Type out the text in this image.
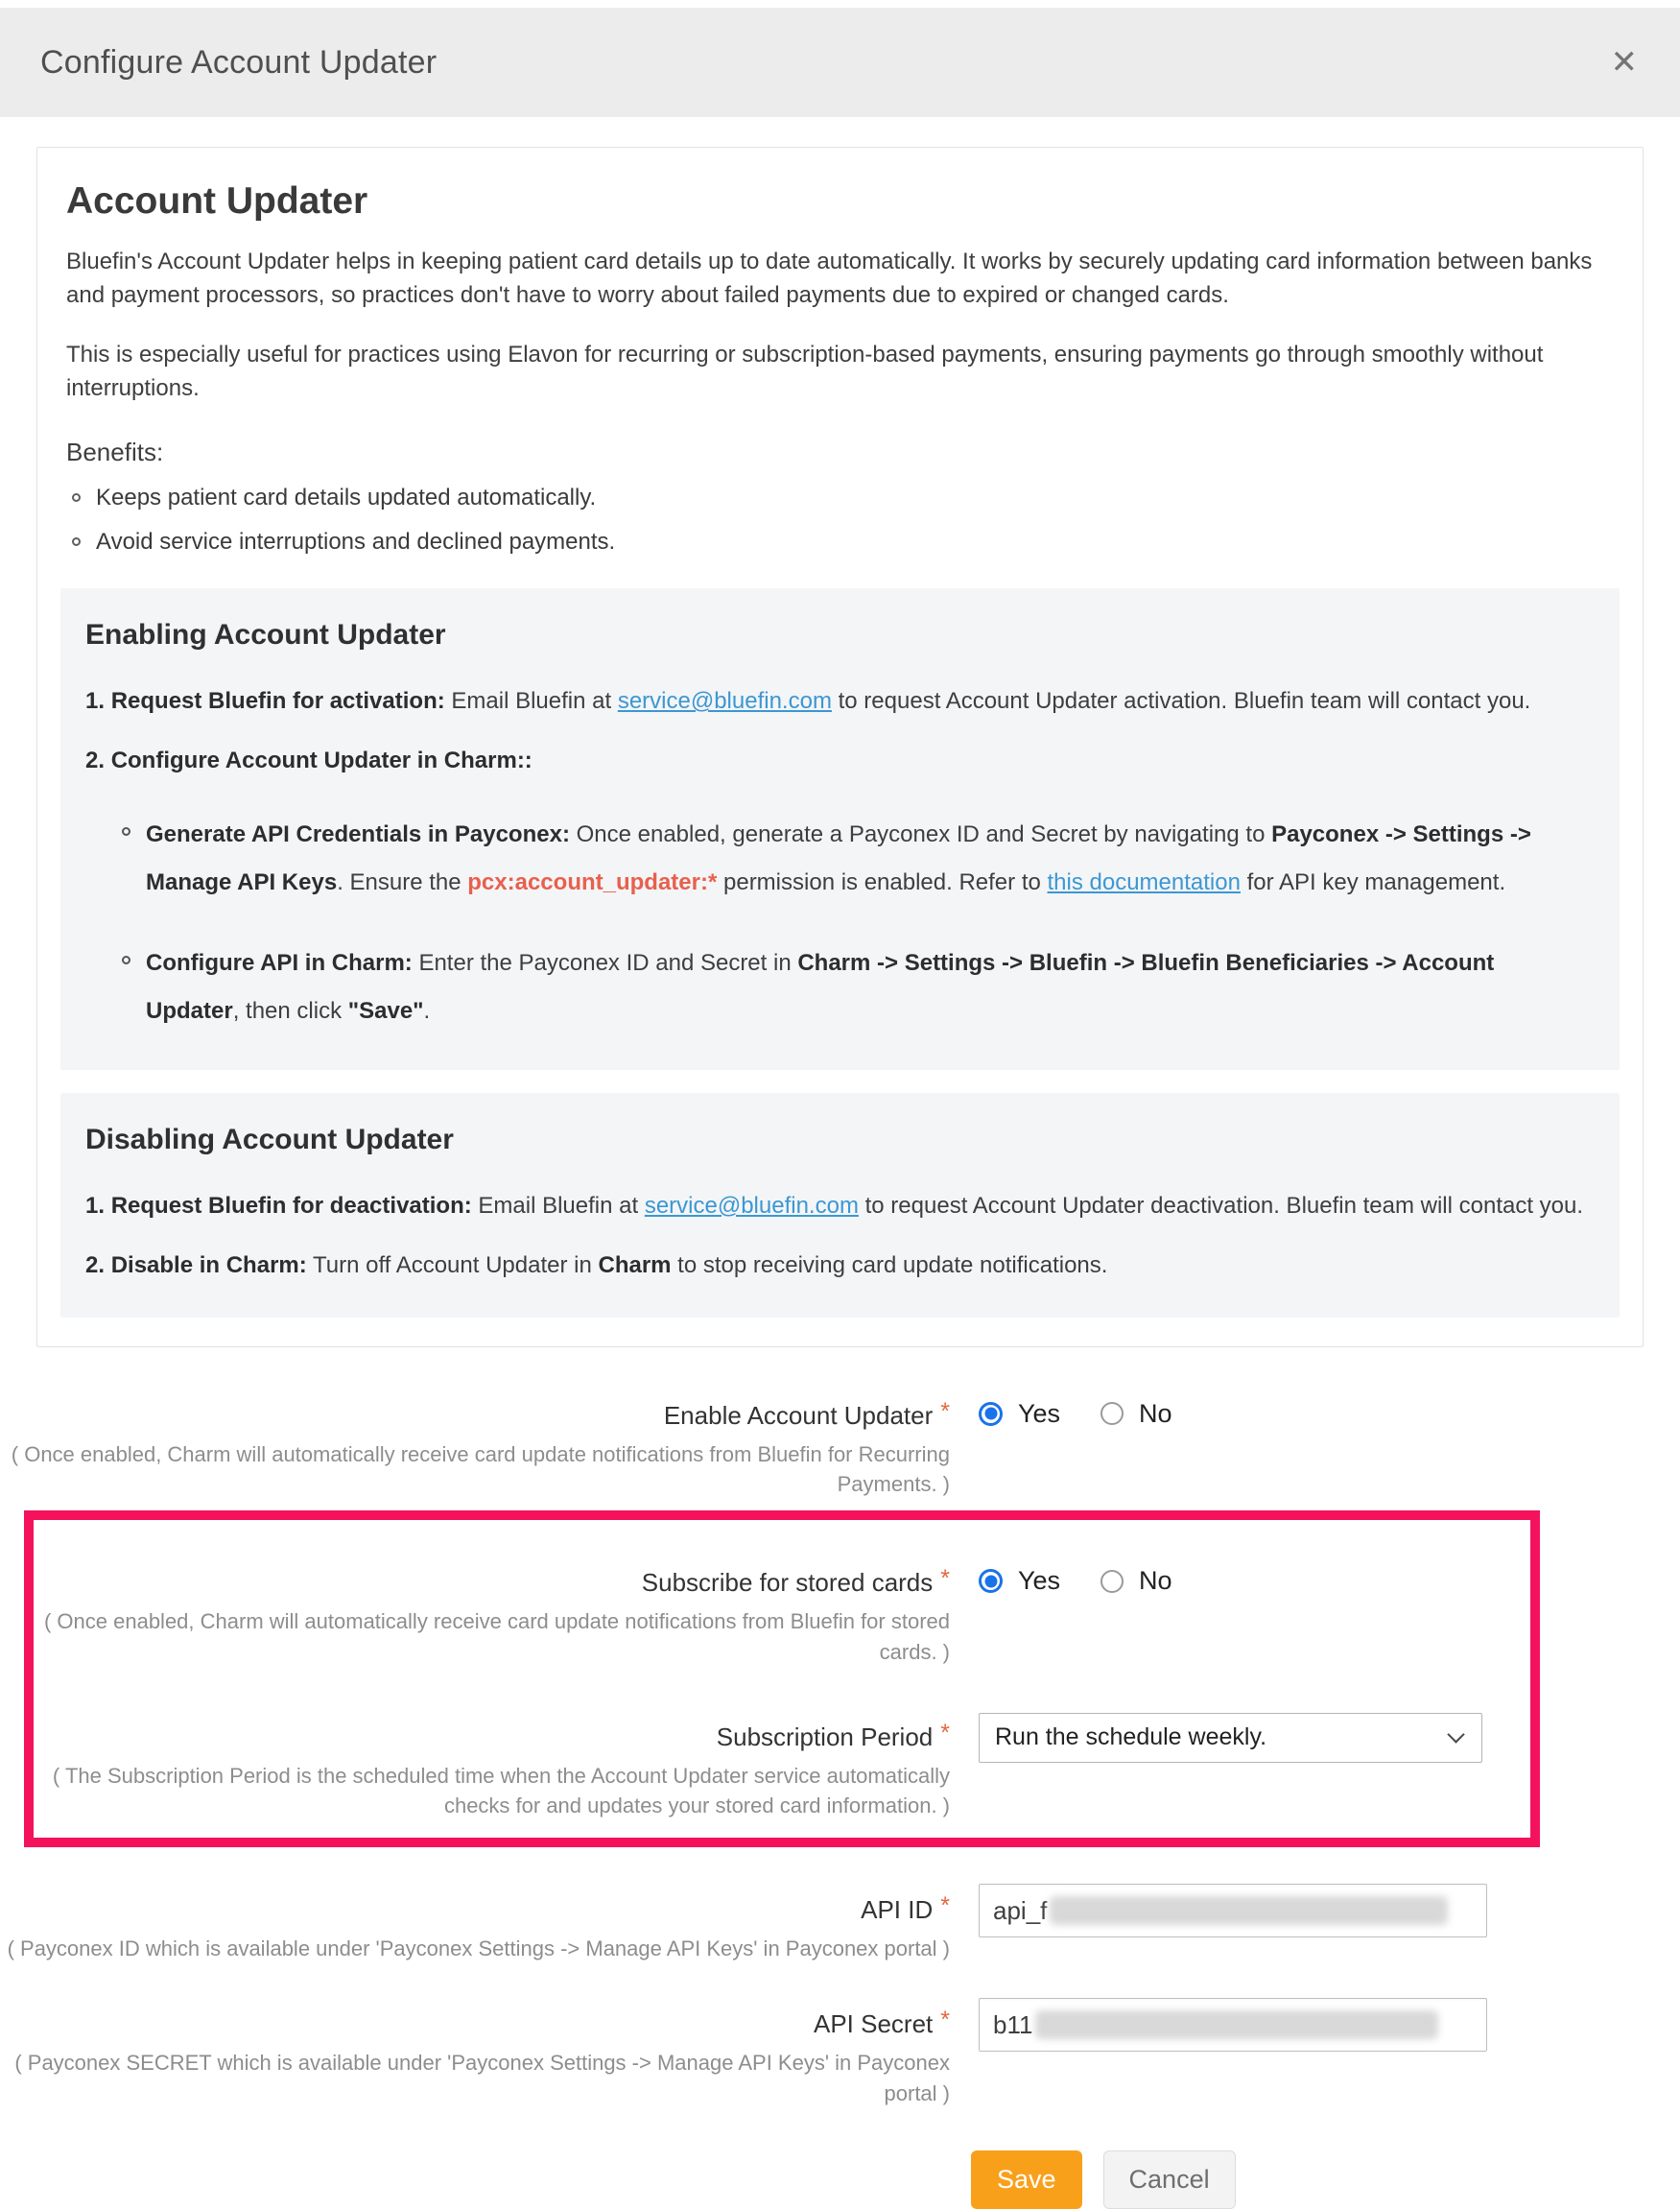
Configure Account Updater	✕
Account Updater

Bluefin's Account Updater helps in keeping patient card details up to date automatically. It works by securely updating card information between banks and payment processors, so practices don't have to worry about failed payments due to expired or changed cards.

This is especially useful for practices using Elavon for recurring or subscription-based payments, ensuring payments go through smoothly without interruptions.

Benefits:
Keeps patient card details updated automatically.
Avoid service interruptions and declined payments.
Enabling Account Updater
1. Request Bluefin for activation: Email Bluefin at service@bluefin.com to request Account Updater activation. Bluefin team will contact you.
2. Configure Account Updater in Charm::
Generate API Credentials in Payconex: Once enabled, generate a Payconex ID and Secret by navigating to Payconex -> Settings -> Manage API Keys. Ensure the pcx:account_updater:* permission is enabled. Refer to this documentation for API key management.
Configure API in Charm: Enter the Payconex ID and Secret in Charm -> Settings -> Bluefin -> Bluefin Beneficiaries -> Account Updater, then click "Save".
Disabling Account Updater
1. Request Bluefin for deactivation: Email Bluefin at service@bluefin.com to request Account Updater deactivation. Bluefin team will contact you.
2. Disable in Charm: Turn off Account Updater in Charm to stop receiving card update notifications.
Enable Account Updater *
( Once enabled, Charm will automatically receive card update notifications from Bluefin for Recurring Payments. )
Yes	No
Subscribe for stored cards *
( Once enabled, Charm will automatically receive card update notifications from Bluefin for stored cards. )
Yes	No
Subscription Period *
( The Subscription Period is the scheduled time when the Account Updater service automatically checks for and updates your stored card information. )
Run the schedule weekly.
API ID *
( Payconex ID which is available under 'Payconex Settings -> Manage API Keys' in Payconex portal )
api_f
API Secret *
( Payconex SECRET which is available under 'Payconex Settings -> Manage API Keys' in Payconex portal )
b11
Save	Cancel
